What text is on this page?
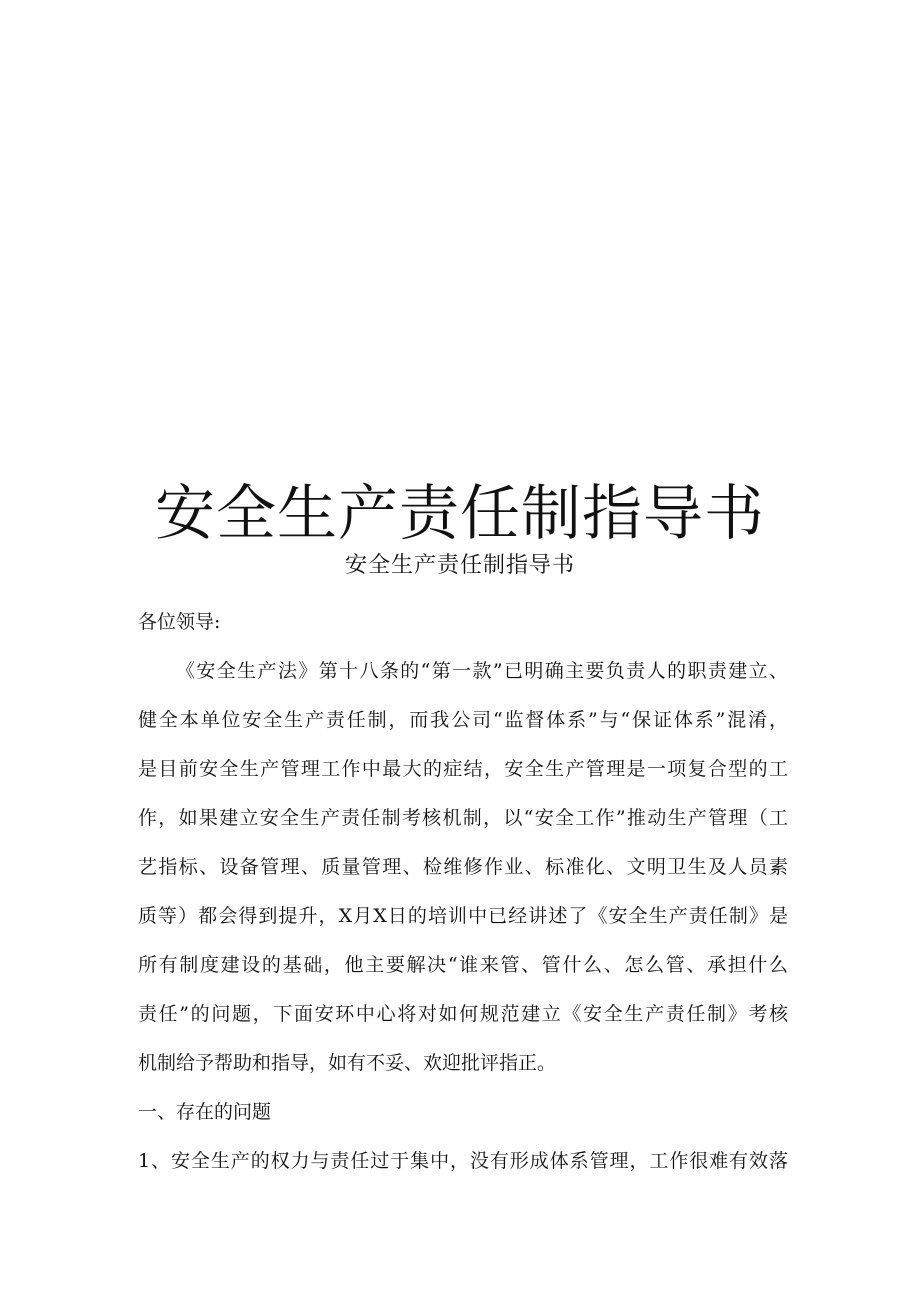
安全生产责任制指导书
安全生产责任制指导书
各位领导:
《安全生产法》第十八条的“第一款”已明确主要负责人的职责建立、
健全本单位安全生产责任制，而我公司“监督体系”与“保证体系”混淆，
是目前安全生产管理工作中最大的症结，安全生产管理是一项复合型的工
作，如果建立安全生产责任制考核机制，以“安全工作”推动生产管理（工
艺指标、设备管理、质量管理、检维修作业、标准化、文明卫生及人员素
质等）都会得到提升，X月X日的培训中已经讲述了《安全生产责任制》是
所有制度建设的基础，他主要解决“谁来管、管什么、怎么管、承担什么
责任”的问题，下面安环中心将对如何规范建立《安全生产责任制》考核
机制给予帮助和指导，如有不妥、欢迎批评指正。
一、存在的问题
1、安全生产的权力与责任过于集中，没有形成体系管理，工作很难有效落
